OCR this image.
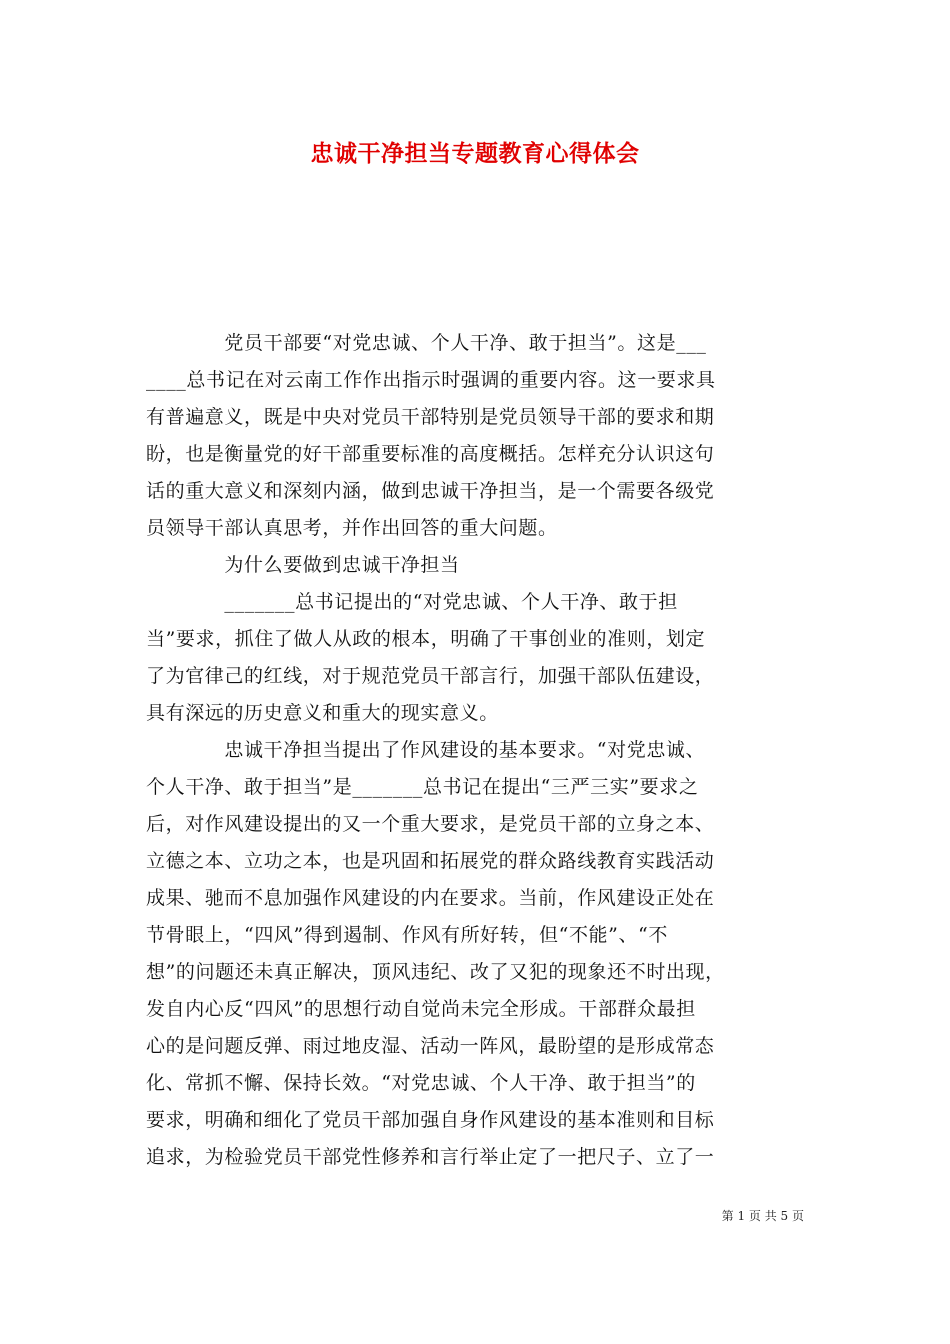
忠诚干净担当专题教育心得体会
　　　　党员干部要“对党忠诚、个人干净、敢于担当”。这是___
____总书记在对云南工作作出指示时强调的重要内容。这一要求具
有普遍意义，既是中央对党员干部特别是党员领导干部的要求和期
盼，也是衡量党的好干部重要标准的高度概括。怎样充分认识这句
话的重大意义和深刻内涵，做到忠诚干净担当，是一个需要各级党
员领导干部认真思考，并作出回答的重大问题。
　　　　为什么要做到忠诚干净担当
　　　　_______总书记提出的“对党忠诚、个人干净、敢于担
当”要求，抓住了做人从政的根本，明确了干事创业的准则，划定
了为官律己的红线，对于规范党员干部言行，加强干部队伍建设，
具有深远的历史意义和重大的现实意义。
　　　　忠诚干净担当提出了作风建设的基本要求。“对党忠诚、
个人干净、敢于担当”是_______总书记在提出“三严三实”要求之
后，对作风建设提出的又一个重大要求，是党员干部的立身之本、
立德之本、立功之本，也是巩固和拓展党的群众路线教育实践活动
成果、驰而不息加强作风建设的内在要求。当前，作风建设正处在
节骨眼上，“四风”得到遏制、作风有所好转，但“不能”、“不
想”的问题还未真正解决，顶风违纪、改了又犯的现象还不时出现，
发自内心反“四风”的思想行动自觉尚未完全形成。干部群众最担
心的是问题反弹、雨过地皮湿、活动一阵风，最盼望的是形成常态
化、常抓不懈、保持长效。“对党忠诚、个人干净、敢于担当”的
要求，明确和细化了党员干部加强自身作风建设的基本准则和目标
追求，为检验党员干部党性修养和言行举止定了一把尺子、立了一
第 1 页 共 5 页
